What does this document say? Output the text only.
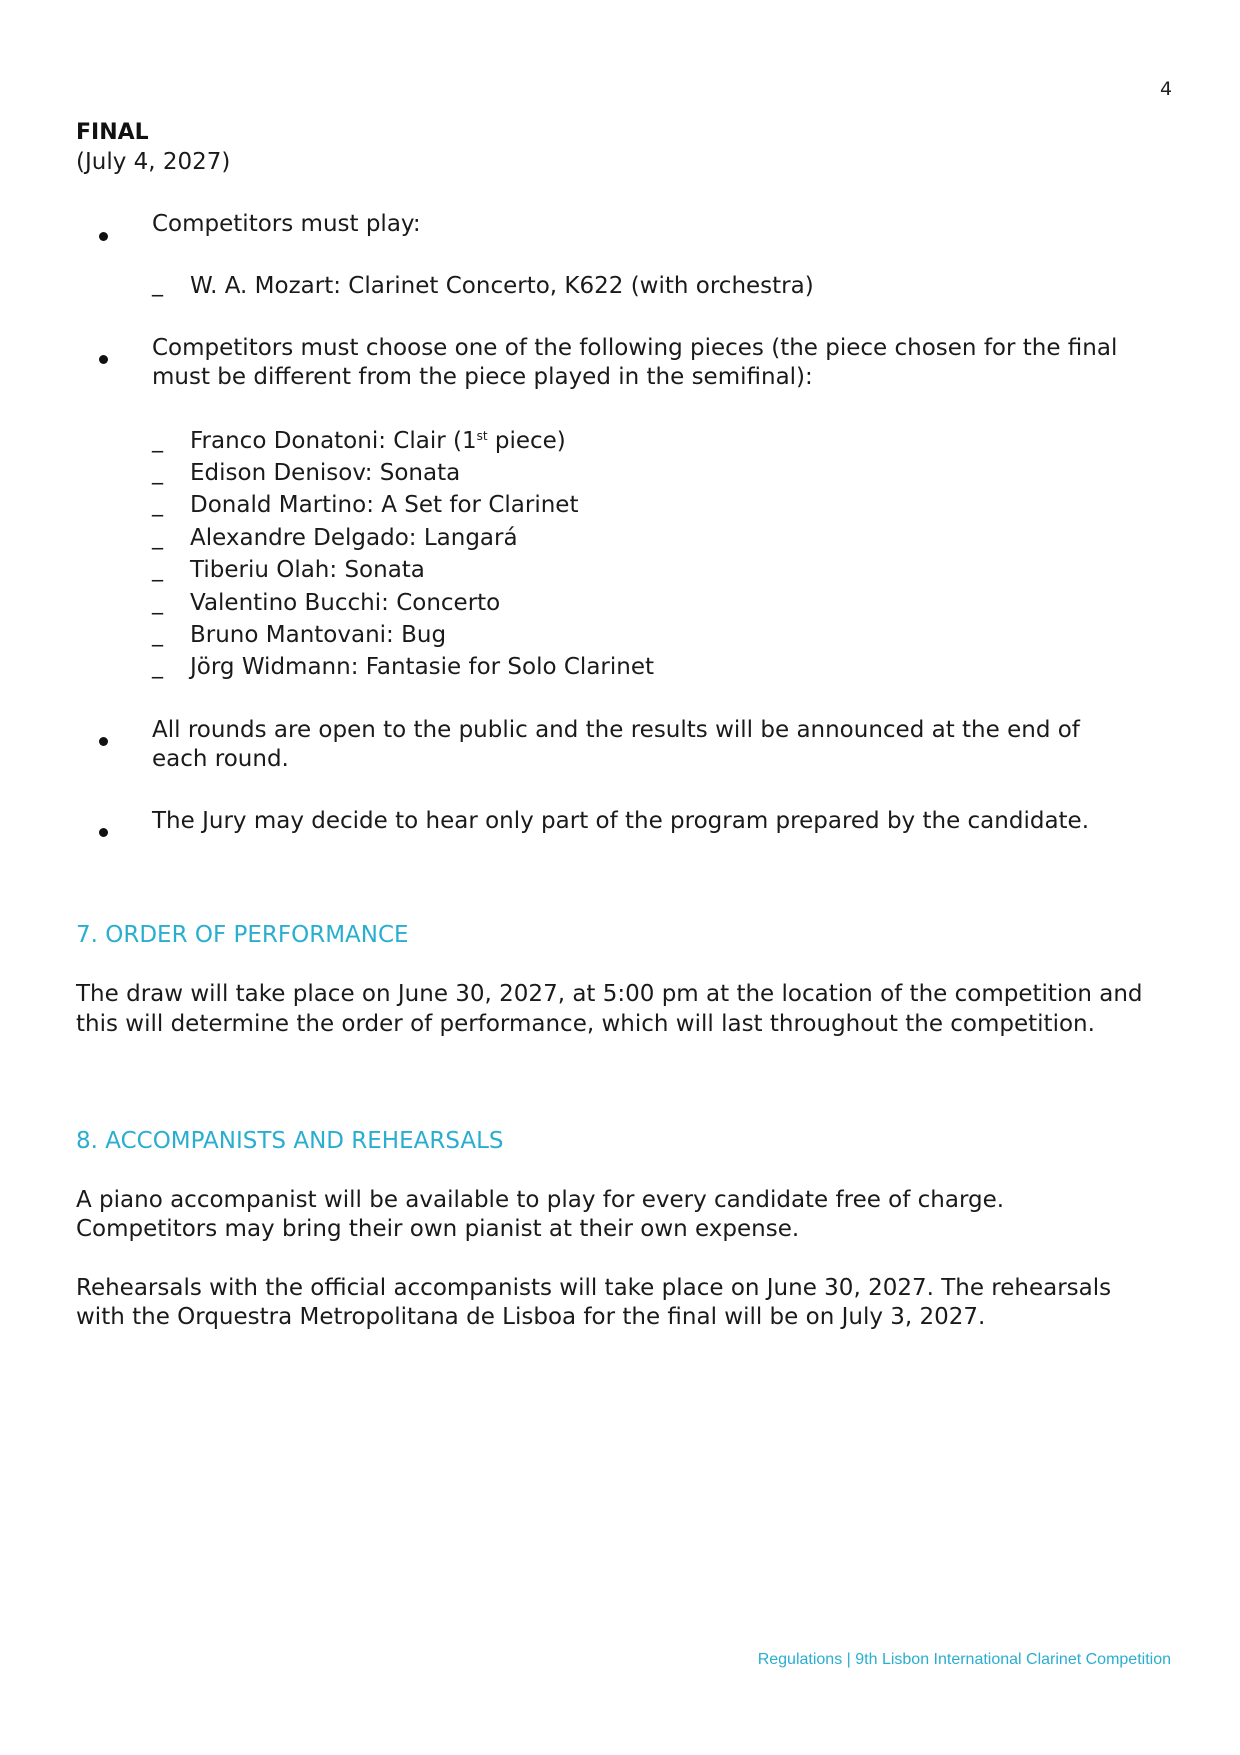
4
FINAL
(July 4, 2027)
Competitors must play:
_ W. A. Mozart: Clarinet Concerto, K622 (with orchestra)
Competitors must choose one of the following pieces (the piece chosen for the final
must be different from the piece played in the semifinal):
_ Franco Donatoni: Clair (1st piece)
_ Edison Denisov: Sonata
_ Donald Martino: A Set for Clarinet
_ Alexandre Delgado: Langará
_ Tiberiu Olah: Sonata
_ Valentino Bucchi: Concerto
_ Bruno Mantovani: Bug
_ Jörg Widmann: Fantasie for Solo Clarinet
All rounds are open to the public and the results will be announced at the end of
each round.
The Jury may decide to hear only part of the program prepared by the candidate.
7. ORDER OF PERFORMANCE
The draw will take place on June 30, 2027, at 5:00 pm at the location of the competition and
this will determine the order of performance, which will last throughout the competition.
8. ACCOMPANISTS AND REHEARSALS
A piano accompanist will be available to play for every candidate free of charge.
Competitors may bring their own pianist at their own expense.
Rehearsals with the official accompanists will take place on June 30, 2027. The rehearsals
with the Orquestra Metropolitana de Lisboa for the final will be on July 3, 2027.
Regulations | 9th Lisbon International Clarinet Competition
